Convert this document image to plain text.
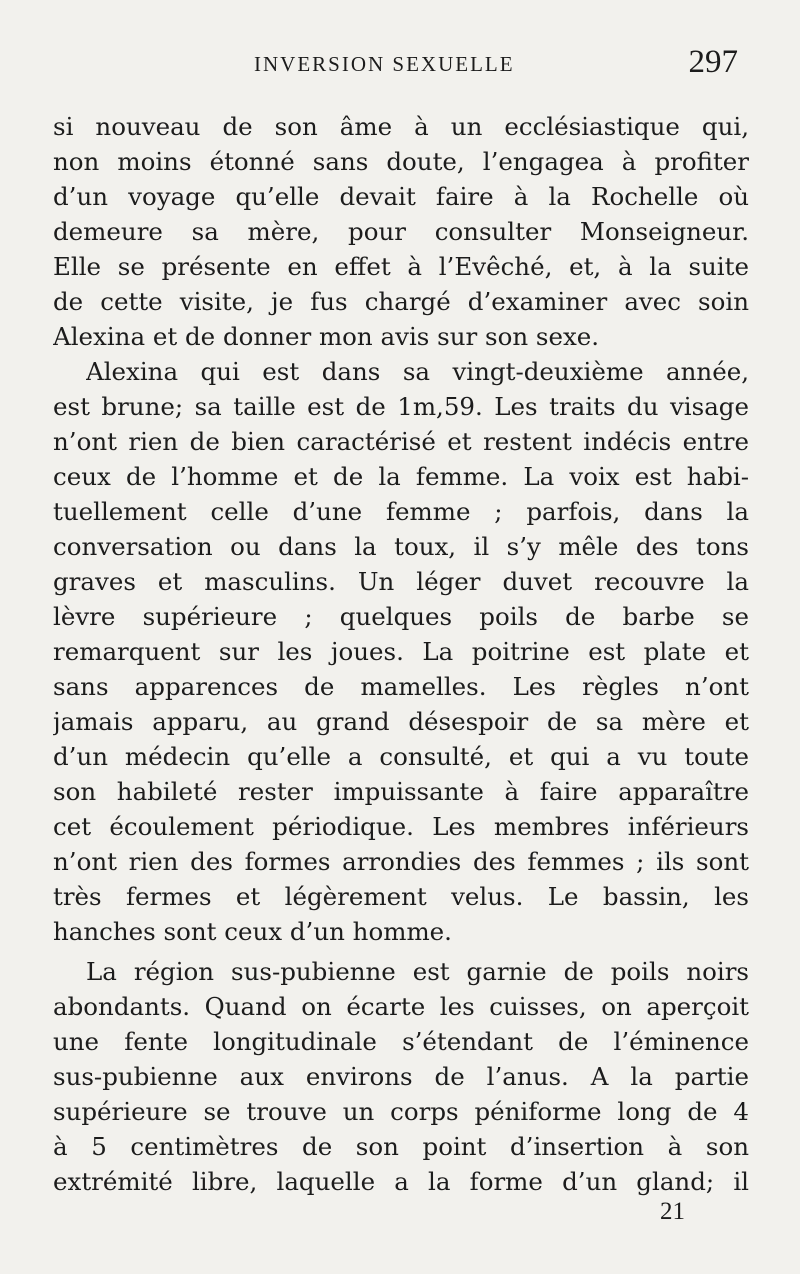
INVERSION SEXUELLE	297
si nouveau de son âme à un ecclésiastique qui,
non moins étonné sans doute, l’engagea à profiter
d’un voyage qu’elle devait faire à la Rochelle où
demeure sa mère, pour consulter Monseigneur.
Elle se présente en effet à l’Evêché, et, à la suite
de cette visite, je fus chargé d’examiner avec soin
Alexina et de donner mon avis sur son sexe.
Alexina qui est dans sa vingt-deuxième année,
est brune; sa taille est de 1m,59. Les traits du visage
n’ont rien de bien caractérisé et restent indécis entre
ceux de l’homme et de la femme. La voix est habi-
tuellement celle d’une femme ; parfois, dans la
conversation ou dans la toux, il s’y mêle des tons
graves et masculins. Un léger duvet recouvre la
lèvre supérieure ; quelques poils de barbe se
remarquent sur les joues. La poitrine est plate et
sans apparences de mamelles. Les règles n’ont
jamais apparu, au grand désespoir de sa mère et
d’un médecin qu’elle a consulté, et qui a vu toute
son habileté rester impuissante à faire apparaître
cet écoulement périodique. Les membres inférieurs
n’ont rien des formes arrondies des femmes ; ils sont
très fermes et légèrement velus. Le bassin, les
hanches sont ceux d’un homme.
La région sus-pubienne est garnie de poils noirs
abondants. Quand on écarte les cuisses, on aperçoit
une fente longitudinale s’étendant de l’éminence
sus-pubienne aux environs de l’anus. A la partie
supérieure se trouve un corps péniforme long de 4
à 5 centimètres de son point d’insertion à son
extrémité libre, laquelle a la forme d’un gland; il
21
